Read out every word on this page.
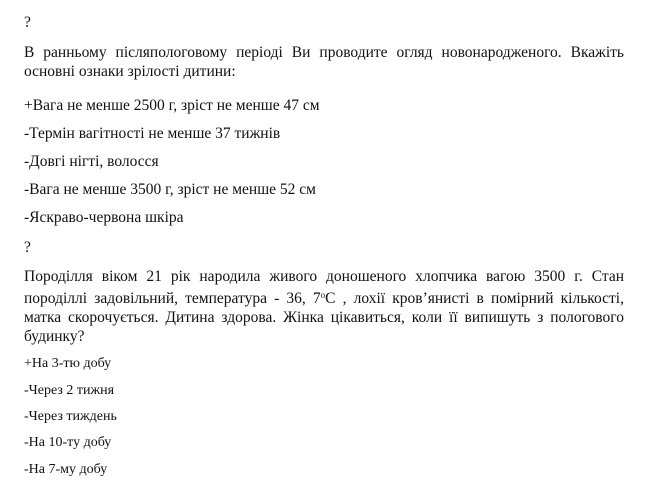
?
В ранньому післяпологовому періоді Ви проводите огляд новонародженого. Вкажіть основні ознаки зрілості дитини:
+Вага не менше 2500 г, зріст не менше 47 см
-Термін вагітності не менше 37 тижнів
-Довгі нігті, волосся
-Вага не менше 3500 г, зріст не менше 52 см
-Яскраво-червона шкіра
?
Породілля віком 21 рік народила живого доношеного хлопчика вагою 3500 г. Стан породіллі задовільний, температура - 36, $7^оС$ , лохії кров’янисті в помірний кількості, матка скорочується. Дитина здорова. Жінка цікавиться, коли її випишуть з пологового будинку?
+На 3-тю добу
-Через 2 тижня
-Через тиждень
-На 10-ту добу
-На 7-му добу
